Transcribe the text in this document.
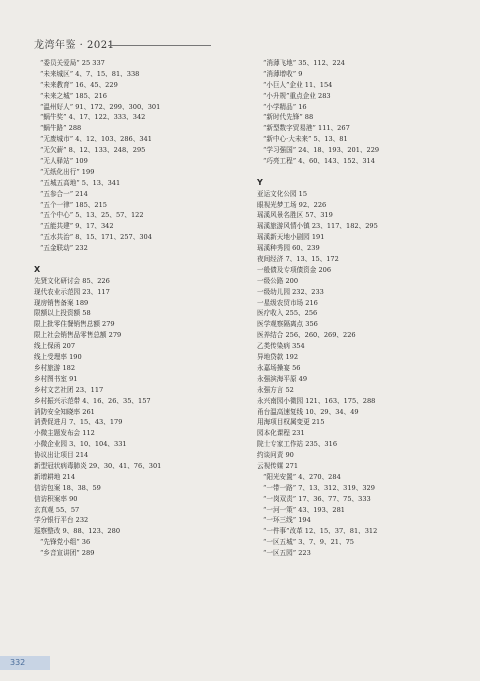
龙湾年鉴 · 2021
“委员关爱局” 25 337
“未来城区” 4、7、15、81、338
“未来教育” 16、45、229
“未来之城” 185、216
“温州好人” 91、172、299、300、301
“蜗牛奖” 4、17、122、333、342
“蜗牛路” 288
“无废城市” 4、12、103、286、341
“无欠薪” 8、12、133、248、295
“无人驿站” 109
“无纸化出行” 199
“五城五高地” 5、13、341
“五参合一” 214
“五个一律” 185、215
“五个中心” 5、13、25、57、122
“五能共建” 9、17、342
“五水共治” 8、15、171、257、304
“五金联动” 232
X
先贤文化研讨会 85、226
现代农业示范园 23、117
现房销售备案 189
限额以上投资额 58
限上批零住餐销售总额 279
限上社会销售品零售总额 279
线上保函 207
线上受理率 190
乡村旅游 182
乡村图书室 91
乡村文艺社团 23、117
乡村振兴示范带 4、16、26、35、157
消防安全知晓率 261
消费促进月 7、15、43、179
小微主题发布会 112
小微企业园 3、10、104、331
协议出让项目 214
新型冠状病毒肺炎 29、30、41、76、301
新增耕地 214
信访包案 18、38、59
信访积案率 90
玄真观 55、57
学分银行平台 232
巡察整改 9、88、123、280
“先锋党小组” 36
“乡音宣讲团” 289
“消薄飞地” 35、112、224
“消薄增收” 9
“小巨人”企业 11、154
“小升规”重点企业 283
“小学精品” 16
“新时代先锋” 88
“新型数字贸易港” 111、267
“新中心·大未来” 5、13、81
“学习强国” 24、18、193、201、229
“巧亮工程” 4、60、143、152、314
Y
亚运文化公园 15
眼视光梦工场 92、226
瑶溪风景名胜区 57、319
瑶溪旅游风情小镇 23、117、182、295
瑶溪新天地小剧园 191
瑶溪种秀园 60、239
夜间经济 7、13、15、172
一般债及专项债资金 206
一级公路 200
一级幼儿园 232、233
一星级农贸市场 216
医疗收入 255、256
医学观察隔离点 356
医养结合 256、260、269、226
乙类传染病 354
异地贷款 192
永嘉场操宴 56
永强滨海平原 49
永强方言 52
永兴南园小微园 121、163、175、288
甬台温高速复线 10、29、34、49
用海项目权属变更 215
园本化课程 231
院士专家工作站 235、316
约谈问责 90
云视传媒 271
“阳光安置” 4、270、284
“一带一路” 7、13、312、319、329
“一岗双责” 17、36、77、75、333
“一河一策” 43、193、281
“一环三线” 194
“一件事”改革 12、15、37、81、312
“一区五城” 3、7、9、21、75
“一区五园” 223
332
